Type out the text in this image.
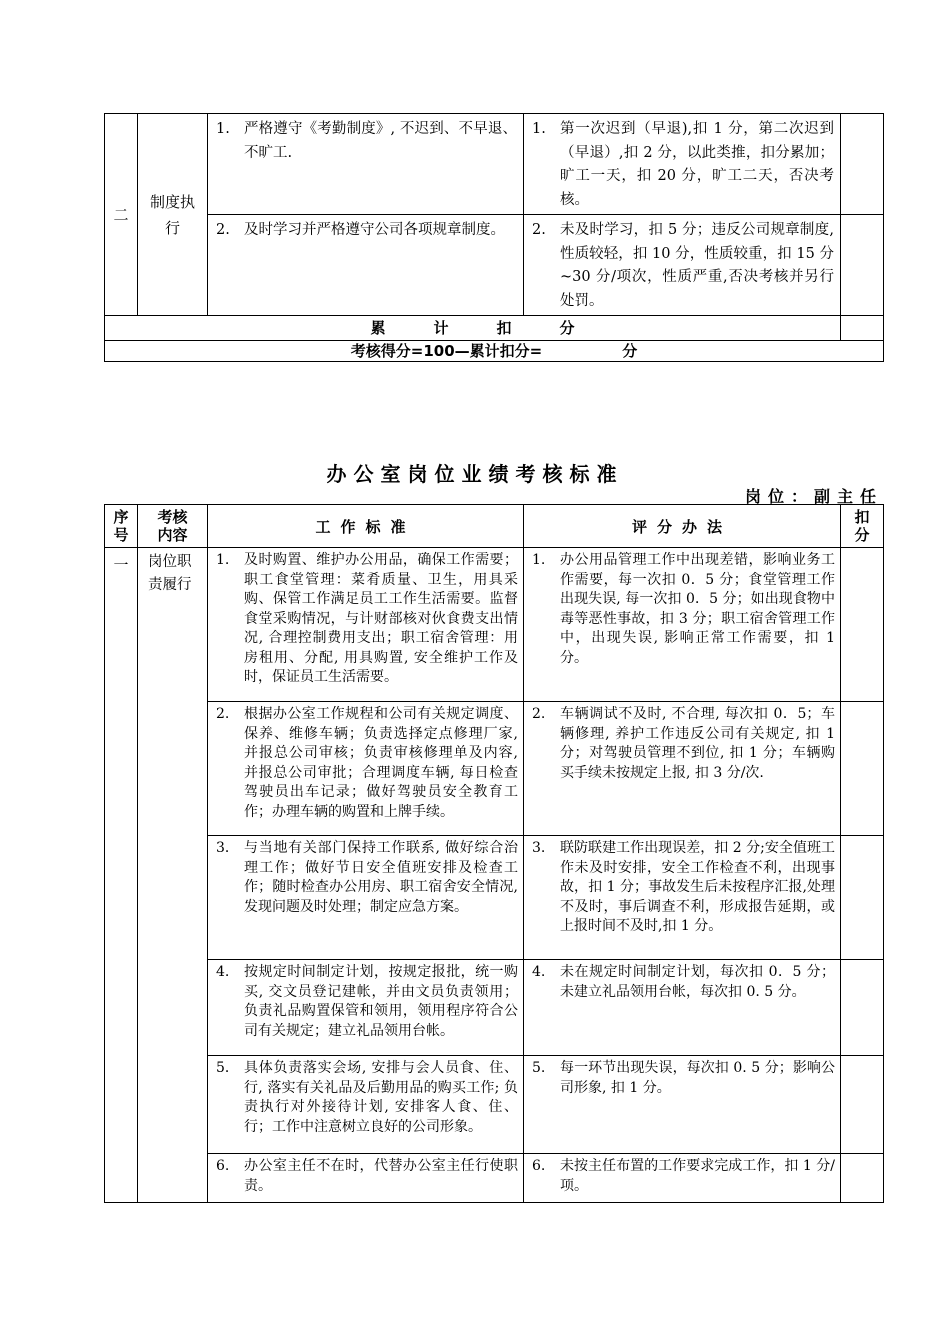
二	制度执行	1. 严格遵守《考勤制度》, 不迟到、不早退、不旷工.	1. 第一次迟到（早退),扣 1 分，第二次迟到（早退）,扣 2 分，以此类推，扣分累加；旷工一天，扣 20 分，旷工二天，否决考核。	

		2. 及时学习并严格遵守公司各项规章制度。	2. 未及时学习，扣 5 分；违反公司规章制度,性质较轻，扣 10 分，性质较重，扣 15 分~30 分/项次，性质严重,否决考核并另行处罚。	

累计扣分				
考核得分=100—累计扣分= 分				
办公室岗位业绩考核标准
岗位：副主任
序号	考核内容	工作标准	评分办法	扣分
一	岗位职责履行	1. 及时购置、维护办公用品，确保工作需要；职工食堂管理：菜肴质量、卫生，用具采购、保管工作满足员工工作生活需要。监督食堂采购情况，与计财部核对伙食费支出情况, 合理控制费用支出；职工宿舍管理：用房租用、分配, 用具购置, 安全维护工作及时，保证员工生活需要。	1. 办公用品管理工作中出现差错，影响业务工作需要，每一次扣 0．5 分；食堂管理工作出现失误, 每一次扣 0．5 分；如出现食物中毒等恶性事故，扣 3 分；职工宿舍管理工作中，出现失误, 影响正常工作需要，扣 1 分。	

		2. 根据办公室工作规程和公司有关规定调度、保养、维修车辆；负责选择定点修理厂家, 并报总公司审核；负责审核修理单及内容, 并报总公司审批；合理调度车辆, 每日检查驾驶员出车记录；做好驾驶员安全教育工作；办理车辆的购置和上牌手续。	2. 车辆调试不及时, 不合理, 每次扣 0．5；车辆修理, 养护工作违反公司有关规定, 扣 1 分；对驾驶员管理不到位, 扣 1 分；车辆购买手续未按规定上报, 扣 3 分/次.	

		3． 与当地有关部门保持工作联系, 做好综合治理工作；做好节日安全值班安排及检查工作；随时检查办公用房、职工宿舍安全情况, 发现问题及时处理；制定应急方案。	3. 联防联建工作出现误差，扣 2 分;安全值班工作未及时安排，安全工作检查不利，出现事故，扣 1 分；事故发生后未按程序汇报,处理不及时，事后调查不利，形成报告延期，或上报时间不及时,扣 1 分。	

		4. 按规定时间制定计划，按规定报批，统一购买, 交文员登记建帐，并由文员负责领用；负责礼品购置保管和领用，领用程序符合公司有关规定；建立礼品领用台帐。	4. 未在规定时间制定计划，每次扣 0．5 分；未建立礼品领用台帐，每次扣 0. 5 分。	

		5． 具体负责落实会场, 安排与会人员食、住、行, 落实有关礼品及后勤用品的购买工作; 负责执行对外接待计划, 安排客人食、住、行；工作中注意树立良好的公司形象。	5. 每一环节出现失误，每次扣 0. 5 分；影响公司形象, 扣 1 分。	

		6. 办公室主任不在时，代替办公室主任行使职责。	6. 未按主任布置的工作要求完成工作，扣 1 分/项。	
